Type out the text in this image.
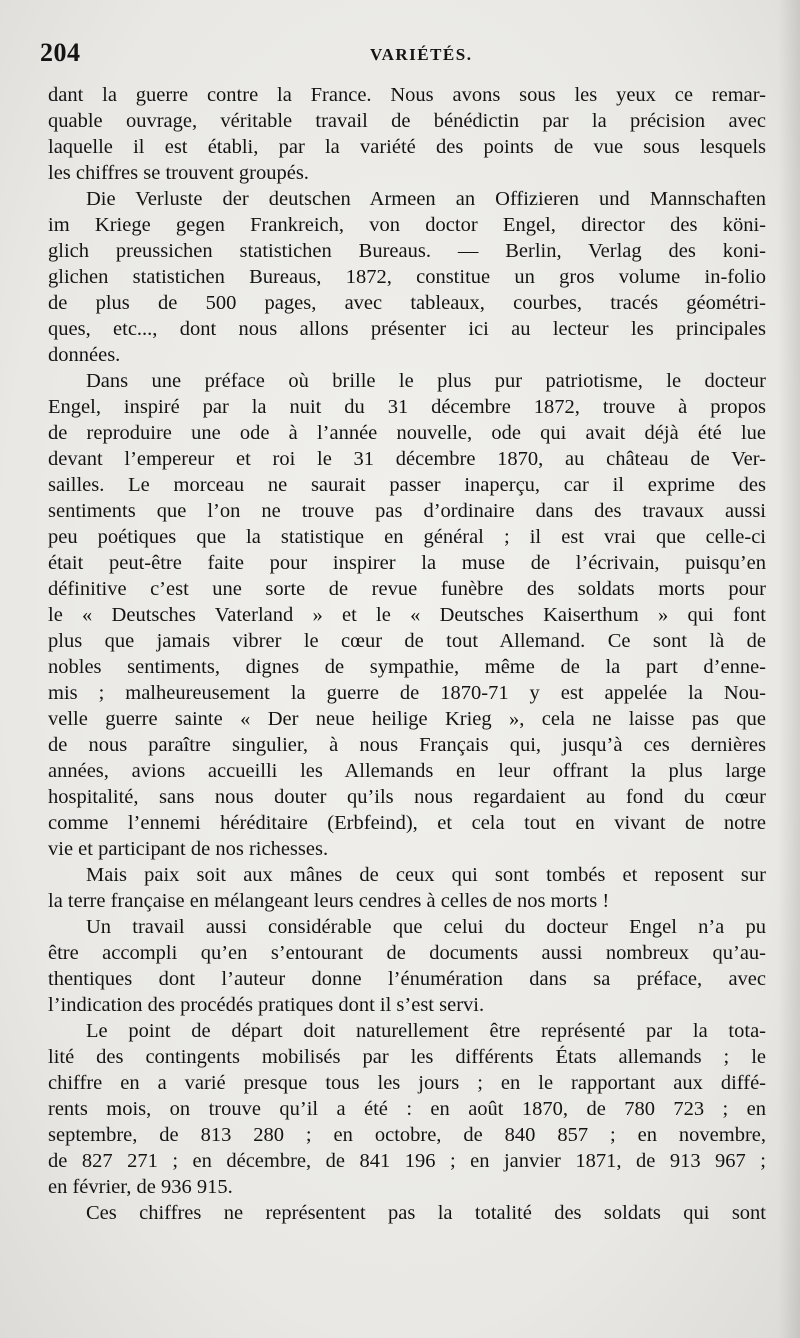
204	VARIÉTÉS.
dant la guerre contre la France. Nous avons sous les yeux ce remar-
quable ouvrage, véritable travail de bénédictin par la précision avec
laquelle il est établi, par la variété des points de vue sous lesquels
les chiffres se trouvent groupés.
Die Verluste der deutschen Armeen an Offizieren und Mannschaften
im Kriege gegen Frankreich, von doctor Engel, director des köni-
glich preussichen statistichen Bureaus. — Berlin, Verlag des koni-
glichen statistichen Bureaus, 1872, constitue un gros volume in-folio
de plus de 500 pages, avec tableaux, courbes, tracés géométri-
ques, etc..., dont nous allons présenter ici au lecteur les principales
données.
Dans une préface où brille le plus pur patriotisme, le docteur
Engel, inspiré par la nuit du 31 décembre 1872, trouve à propos
de reproduire une ode à l’année nouvelle, ode qui avait déjà été lue
devant l’empereur et roi le 31 décembre 1870, au château de Ver-
sailles. Le morceau ne saurait passer inaperçu, car il exprime des
sentiments que l’on ne trouve pas d’ordinaire dans des travaux aussi
peu poétiques que la statistique en général ; il est vrai que celle-ci
était peut-être faite pour inspirer la muse de l’écrivain, puisqu’en
définitive c’est une sorte de revue funèbre des soldats morts pour
le « Deutsches Vaterland » et le « Deutsches Kaiserthum » qui font
plus que jamais vibrer le cœur de tout Allemand. Ce sont là de
nobles sentiments, dignes de sympathie, même de la part d’enne-
mis ; malheureusement la guerre de 1870-71 y est appelée la Nou-
velle guerre sainte « Der neue heilige Krieg », cela ne laisse pas que
de nous paraître singulier, à nous Français qui, jusqu’à ces dernières
années, avions accueilli les Allemands en leur offrant la plus large
hospitalité, sans nous douter qu’ils nous regardaient au fond du cœur
comme l’ennemi héréditaire (Erbfeind), et cela tout en vivant de notre
vie et participant de nos richesses.
Mais paix soit aux mânes de ceux qui sont tombés et reposent sur
la terre française en mélangeant leurs cendres à celles de nos morts !
Un travail aussi considérable que celui du docteur Engel n’a pu
être accompli qu’en s’entourant de documents aussi nombreux qu’au-
thentiques dont l’auteur donne l’énumération dans sa préface, avec
l’indication des procédés pratiques dont il s’est servi.
Le point de départ doit naturellement être représenté par la tota-
lité des contingents mobilisés par les différents États allemands ; le
chiffre en a varié presque tous les jours ; en le rapportant aux diffé-
rents mois, on trouve qu’il a été : en août 1870, de 780 723 ; en
septembre, de 813 280 ; en octobre, de 840 857 ; en novembre,
de 827 271 ; en décembre, de 841 196 ; en janvier 1871, de 913 967 ;
en février, de 936 915.
Ces chiffres ne représentent pas la totalité des soldats qui sont
